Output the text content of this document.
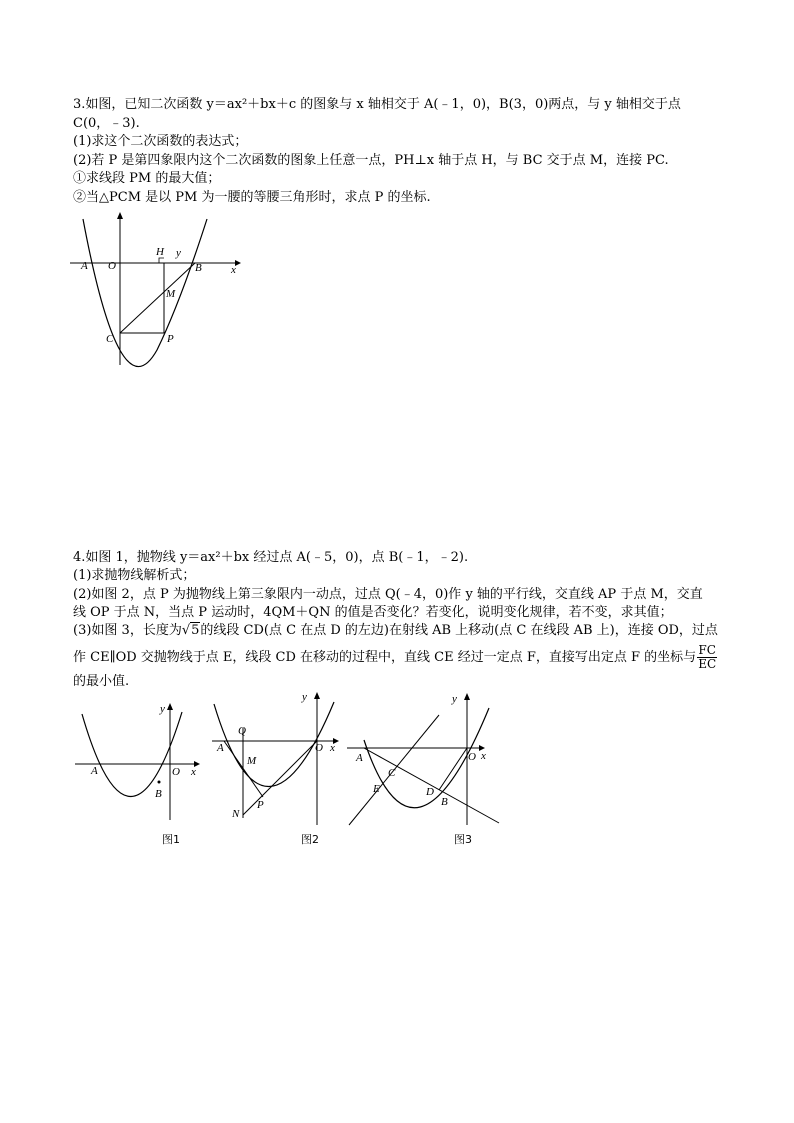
3.如图，已知二次函数 y＝ax²＋bx＋c 的图象与 x 轴相交于 A(﹣1，0)，B(3，0)两点，与 y 轴相交于点
C(0，﹣3).
(1)求这个二次函数的表达式；
(2)若 P 是第四象限内这个二次函数的图象上任意一点，PH⊥x 轴于点 H，与 BC 交于点 M，连接 PC.
①求线段 PM 的最大值；
②当△PCM 是以 PM 为一腰的等腰三角形时，求点 P 的坐标.
y
x
A O
H
B
M
C	P
4.如图 1，抛物线 y＝ax²＋bx 经过点 A(﹣5，0)，点 B(﹣1，﹣2).
(1)求抛物线解析式；
(2)如图 2，点 P 为抛物线上第三象限内一动点，过点 Q(﹣4，0)作 y 轴的平行线，交直线 AP 于点 M，交直
线 OP 于点 N，当点 P 运动时，4QM＋QN 的值是否变化？若变化，说明变化规律，若不变，求其值；
(3)如图 3，长度为√5的线段 CD(点 C 在点 D 的左边)在射线 AB 上移动(点 C 在线段 AB 上)，连接 OD，过点
作 CE∥OD 交抛物线于点 E，线段 CD 在移动的过程中，直线 CE 经过一定点 F，直接写出定点 F 的坐标与 $\frac{FC}{EC}$
的最小值.
y
x
A	O
B
图1
y
x
Q
A
M
O
N
P
图2
y
x
A	O
C
E	D
B
图3
